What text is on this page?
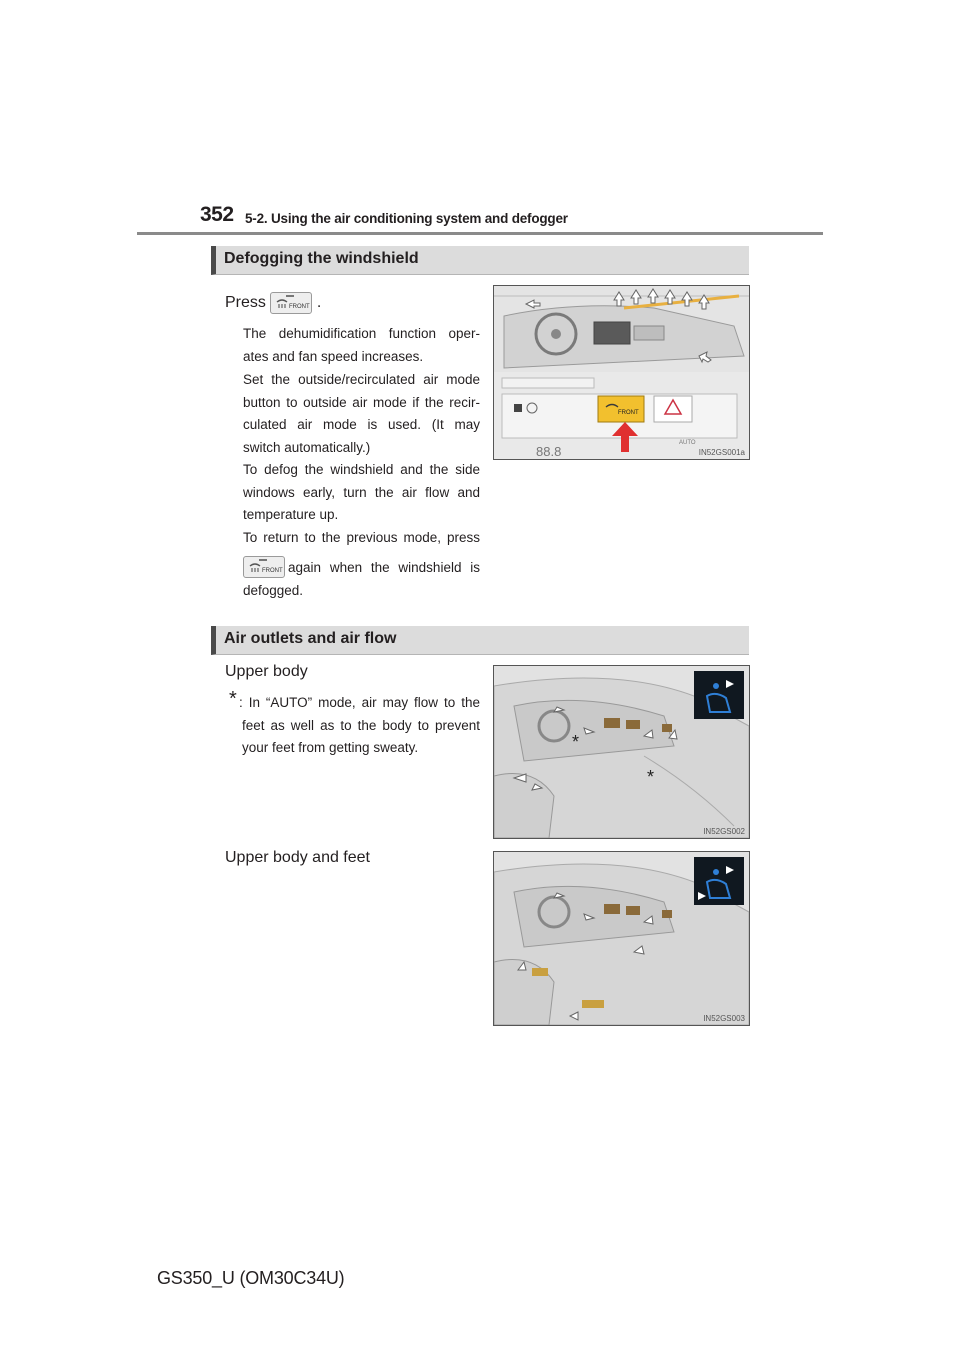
352 5-2. Using the air conditioning system and defogger
Defogging the windshield
Press	FRONT .
The dehumidification function oper-
ates and fan speed increases.
Set the outside/recirculated air mode
button to outside air mode if the recir-
culated air mode is used. (It may
switch automatically.)
To defog the windshield and the side
windows early, turn the air flow and
temperature up.
To return to the previous mode, press
FRONT again when the windshield is
defogged.
FRONT
88.8
AUTO
IN52GS001a
Air outlets and air flow
Upper body
* : In “AUTO” mode, air may flow to the
feet as well as to the body to prevent
your feet from getting sweaty.	*
*
IN52GS002
Upper body and feet
IN52GS003
GS350_U (OM30C34U)
